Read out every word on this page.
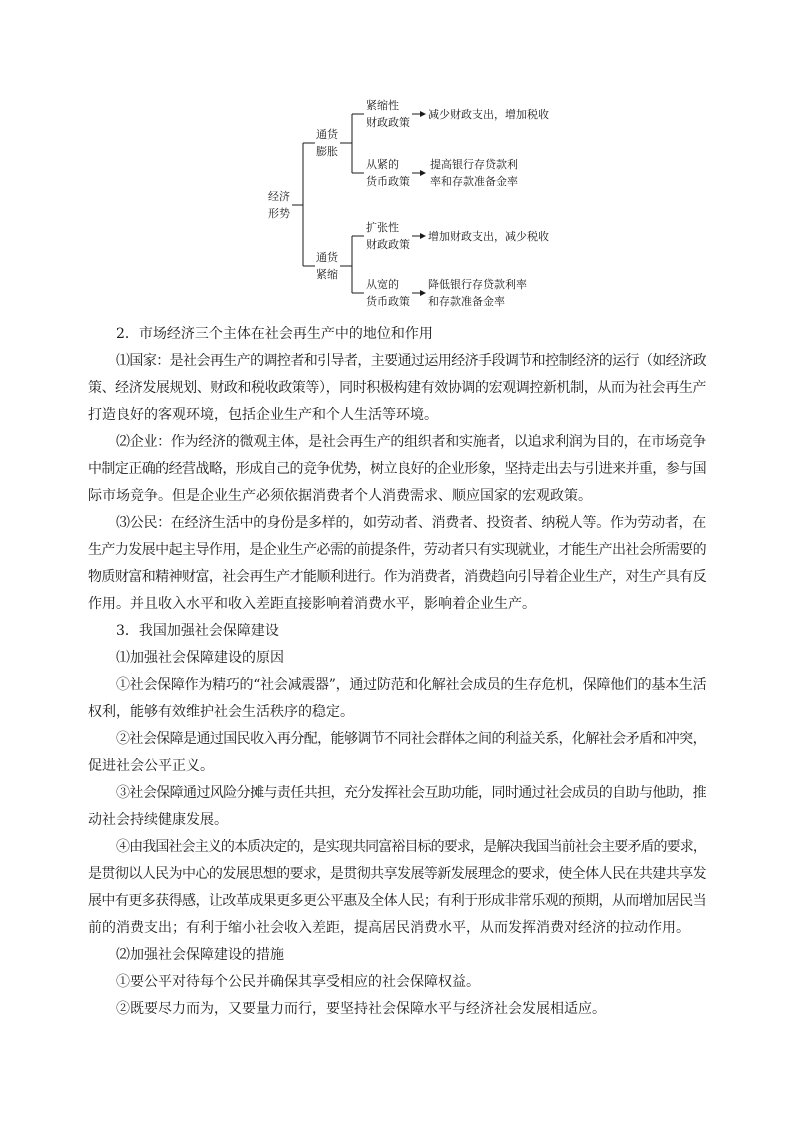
经济
形势
通货
膨胀
紧缩性
财政政策
减少财政支出，增加税收
从紧的
货币政策
提高银行存贷款利
率和存款准备金率
通货
紧缩
扩张性
财政政策
增加财政支出，减少税收
从宽的
货币政策
降低银行存贷款利率
和存款准备金率
2．市场经济三个主体在社会再生产中的地位和作用
⑴国家：是社会再生产的调控者和引导者，主要通过运用经济手段调节和控制经济的运行（如经济政
策、经济发展规划、财政和税收政策等），同时积极构建有效协调的宏观调控新机制，从而为社会再生产
打造良好的客观环境，包括企业生产和个人生活等环境。
⑵企业：作为经济的微观主体，是社会再生产的组织者和实施者，以追求利润为目的，在市场竞争
中制定正确的经营战略，形成自己的竞争优势，树立良好的企业形象，坚持走出去与引进来并重，参与国
际市场竞争。但是企业生产必须依据消费者个人消费需求、顺应国家的宏观政策。
⑶公民：在经济生活中的身份是多样的，如劳动者、消费者、投资者、纳税人等。作为劳动者，在
生产力发展中起主导作用，是企业生产必需的前提条件，劳动者只有实现就业，才能生产出社会所需要的
物质财富和精神财富，社会再生产才能顺利进行。作为消费者，消费趋向引导着企业生产，对生产具有反
作用。并且收入水平和收入差距直接影响着消费水平，影响着企业生产。
3．我国加强社会保障建设
⑴加强社会保障建设的原因
①社会保障作为精巧的“社会减震器”，通过防范和化解社会成员的生存危机，保障他们的基本生活
权利，能够有效维护社会生活秩序的稳定。
②社会保障是通过国民收入再分配，能够调节不同社会群体之间的利益关系，化解社会矛盾和冲突，
促进社会公平正义。
③社会保障通过风险分摊与责任共担，充分发挥社会互助功能，同时通过社会成员的自助与他助，推
动社会持续健康发展。
④由我国社会主义的本质决定的，是实现共同富裕目标的要求，是解决我国当前社会主要矛盾的要求，
是贯彻以人民为中心的发展思想的要求，是贯彻共享发展等新发展理念的要求，使全体人民在共建共享发
展中有更多获得感，让改革成果更多更公平惠及全体人民；有利于形成非常乐观的预期，从而增加居民当
前的消费支出；有利于缩小社会收入差距，提高居民消费水平，从而发挥消费对经济的拉动作用。
⑵加强社会保障建设的措施
①要公平对待每个公民并确保其享受相应的社会保障权益。
②既要尽力而为，又要量力而行，要坚持社会保障水平与经济社会发展相适应。
